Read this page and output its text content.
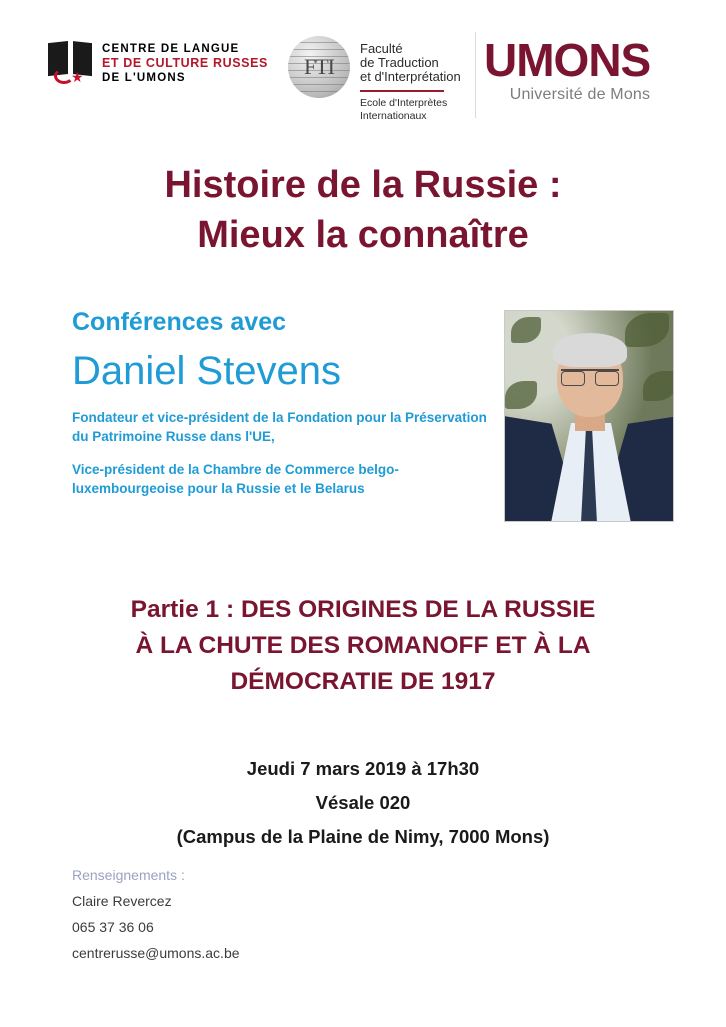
★
CENTRE DE LANGUE
ET DE CULTURE RUSSES
DE L'UMONS
FTI
Faculté
de Traduction
et d'Interprétation
Ecole d'Interprètes
Internationaux
UMONS
Université de Mons
Histoire de la Russie :
Mieux la connaître
Conférences avec
Daniel Stevens

Fondateur et vice-président de la Fondation pour la Préservation du Patrimoine Russe dans l'UE,

Vice-président de la Chambre de Commerce belgo-luxembourgeoise pour la Russie et le Belarus

Partie 1 : DES ORIGINES DE LA RUSSIE
À LA CHUTE DES ROMANOFF ET À LA
DÉMOCRATIE DE 1917
Jeudi 7 mars 2019 à 17h30
Vésale 020
(Campus de la Plaine de Nimy, 7000 Mons)
Renseignements :
Claire Revercez
065 37 36 06
centrerusse@umons.ac.be
